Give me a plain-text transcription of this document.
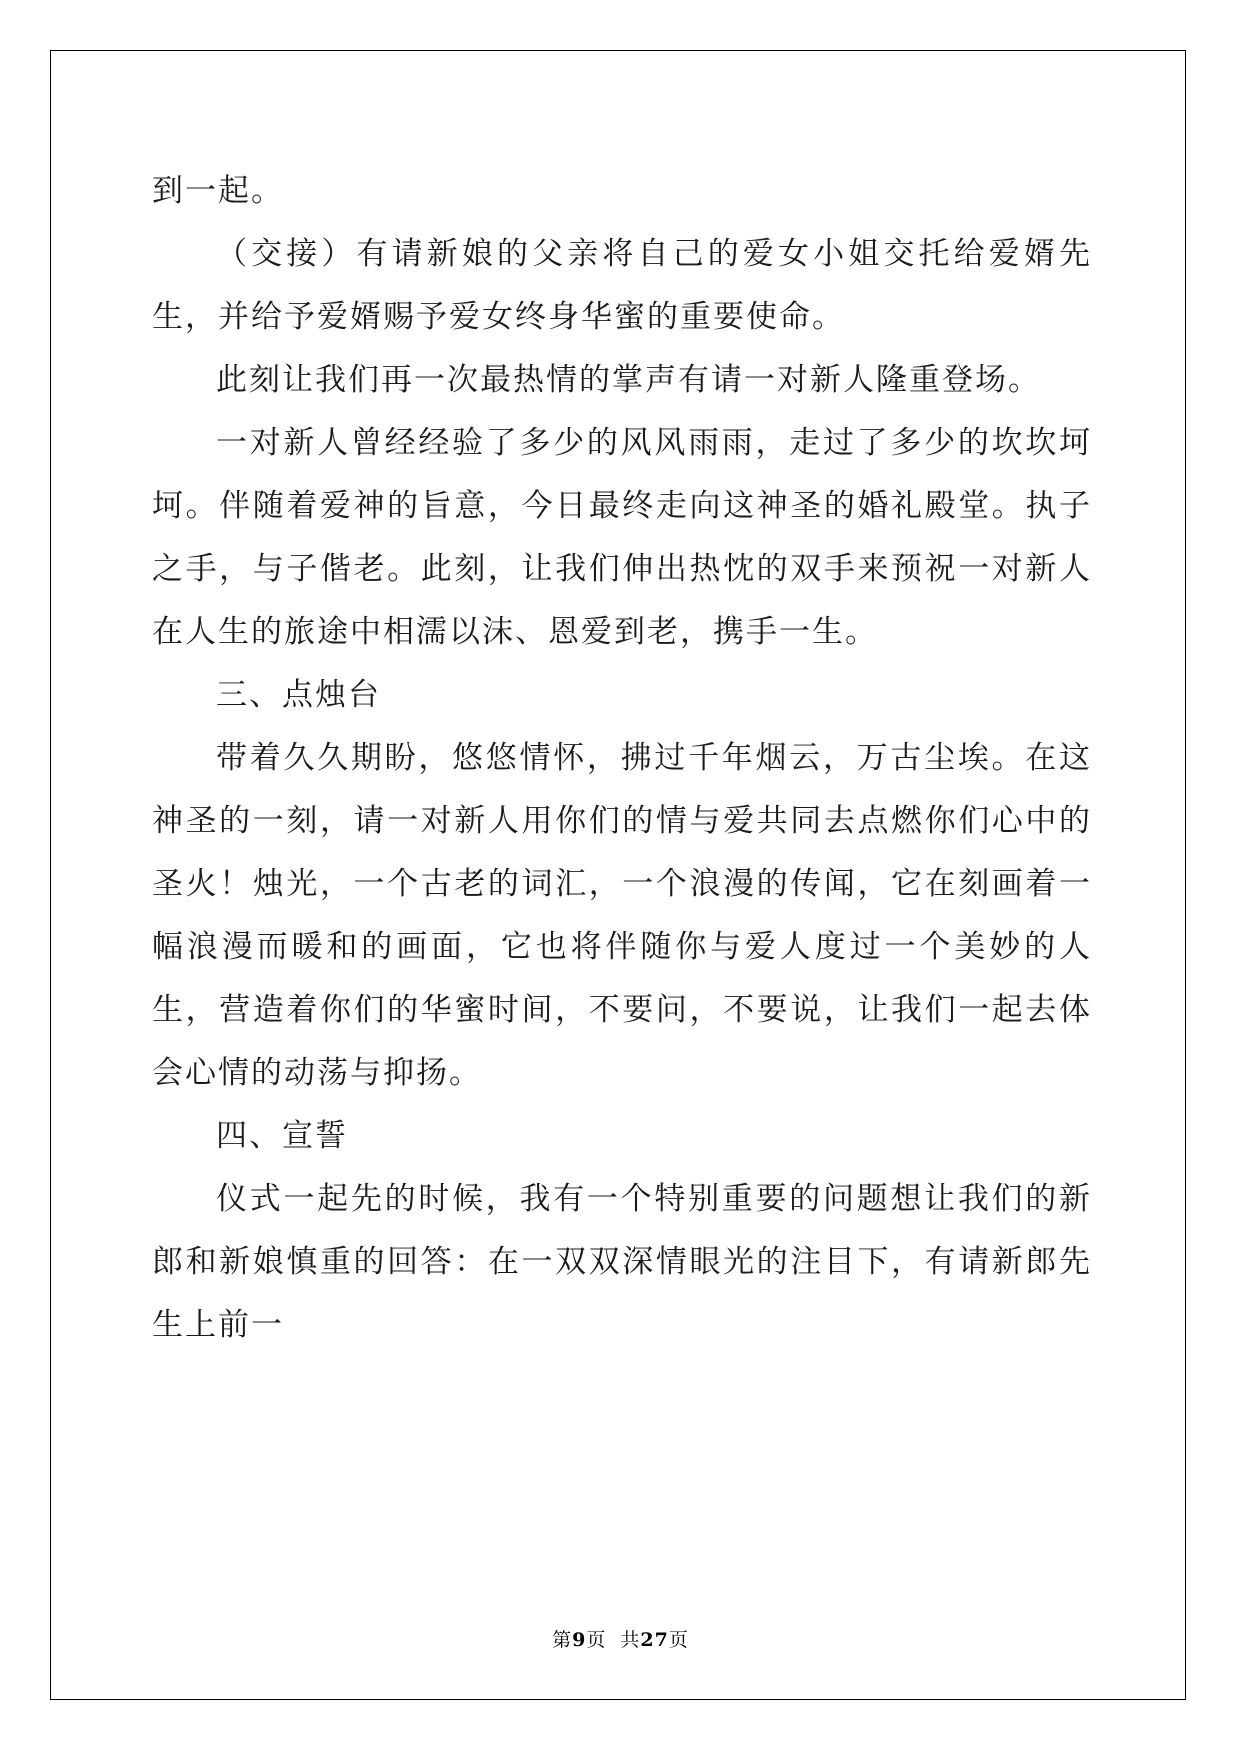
到一起。

（交接）有请新娘的父亲将自己的爱女小姐交托给爱婿先生，并给予爱婿赐予爱女终身华蜜的重要使命。

此刻让我们再一次最热情的掌声有请一对新人隆重登场。

一对新人曾经经验了多少的风风雨雨，走过了多少的坎坎坷坷。伴随着爱神的旨意，今日最终走向这神圣的婚礼殿堂。执子之手，与子偕老。此刻，让我们伸出热忱的双手来预祝一对新人在人生的旅途中相濡以沫、恩爱到老，携手一生。

三、点烛台

带着久久期盼，悠悠情怀，拂过千年烟云，万古尘埃。在这神圣的一刻，请一对新人用你们的情与爱共同去点燃你们心中的圣火！烛光，一个古老的词汇，一个浪漫的传闻，它在刻画着一幅浪漫而暖和的画面，它也将伴随你与爱人度过一个美妙的人生，营造着你们的华蜜时间，不要问，不要说，让我们一起去体会心情的动荡与抑扬。

四、宣誓

仪式一起先的时候，我有一个特别重要的问题想让我们的新郎和新娘慎重的回答：在一双双深情眼光的注目下，有请新郎先生上前一

第9页 共27页
